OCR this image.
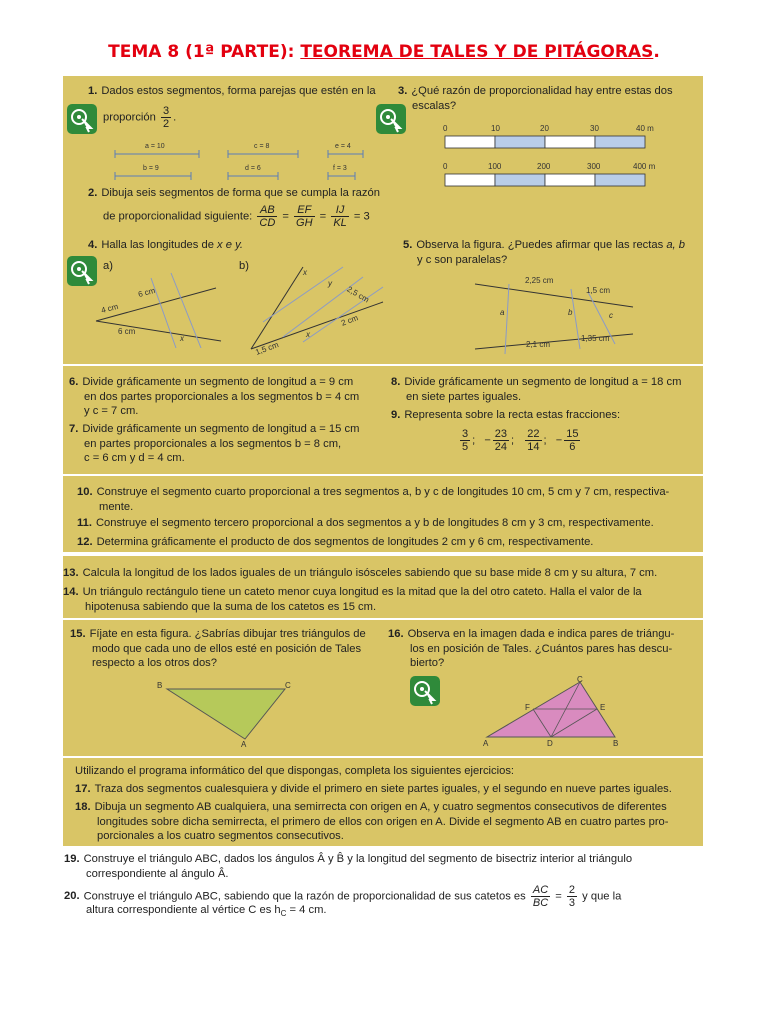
TEMA 8 (1ª PARTE): TEOREMA DE TALES Y DE PITÁGORAS.
1. Dados estos segmentos, forma parejas que estén en la
proporción $\frac{3}{2}$ .
a = 10	c = 8	e = 4
b = 9	d = 6	f = 3
2. Dibuja seis segmentos de forma que se cumpla la razón
de proporcionalidad siguiente: $\frac{AB}{CD} = \frac{EF}{GH} = \frac{IJ}{KL} = 3$
3. ¿Qué razón de proporcionalidad hay entre estas dos
escalas?
0	10	20	30	40 m
0	100	200	300	400 m
4. Halla las longitudes de x e y.
a)	b)
4 cm
6 cm
6 cm
x
x
y
2,5 cm
2 cm
x
1,5 cm
5. Observa la figura. ¿Puedes afirmar que las rectas a, b
y c son paralelas?
2,25 cm
1,5 cm
a	b	c
2,1 cm
1,35 cm
6. Divide gráficamente un segmento de longitud a = 9 cm
en dos partes proporcionales a los segmentos b = 4 cm
y c = 7 cm.
7. Divide gráficamente un segmento de longitud a = 15 cm
en partes proporcionales a los segmentos b = 8 cm,
c = 6 cm y d = 4 cm.
8. Divide gráficamente un segmento de longitud a = 18 cm
en siete partes iguales.
9. Representa sobre la recta estas fracciones:
$\frac{3}{5}$ ;   − $\frac{23}{24}$ ; $\frac{22}{14}$ ;   − $\frac{15}{6}$
10. Construye el segmento cuarto proporcional a tres segmentos a, b y c de longitudes 10 cm, 5 cm y 7 cm, respectiva-
mente.
11. Construye el segmento tercero proporcional a dos segmentos a y b de longitudes 8 cm y 3 cm, respectivamente.
12. Determina gráficamente el producto de dos segmentos de longitudes 2 cm y 6 cm, respectivamente.
13. Calcula la longitud de los lados iguales de un triángulo isósceles sabiendo que su base mide 8 cm y su altura, 7 cm.
14. Un triángulo rectángulo tiene un cateto menor cuya longitud es la mitad que la del otro cateto. Halla el valor de la
hipotenusa sabiendo que la suma de los catetos es 15 cm.
15. Fíjate en esta figura. ¿Sabrías dibujar tres triángulos de
modo que cada uno de ellos esté en posición de Tales
respecto a los otros dos?
B	C
A
16. Observa en la imagen dada e indica pares de triángu-
los en posición de Tales. ¿Cuántos pares has descu-
bierto?
C
F	E
A	D	B
Utilizando el programa informático del que dispongas, completa los siguientes ejercicios:
17. Traza dos segmentos cualesquiera y divide el primero en siete partes iguales, y el segundo en nueve partes iguales.
18. Dibuja un segmento AB cualquiera, una semirrecta con origen en A, y cuatro segmentos consecutivos de diferentes
longitudes sobre dicha semirrecta, el primero de ellos con origen en A. Divide el segmento AB en cuatro partes pro-
porcionales a los cuatro segmentos consecutivos.
19. Construye el triángulo ABC, dados los ángulos Â y B̂ y la longitud del segmento de bisectriz interior al triángulo
correspondiente al ángulo Â.
20. Construye el triángulo ABC, sabiendo que la razón de proporcionalidad de sus catetos es $\frac{AC}{BC} = \frac{2}{3}$ y que la
altura correspondiente al vértice C es $h_C = 4$ cm.
